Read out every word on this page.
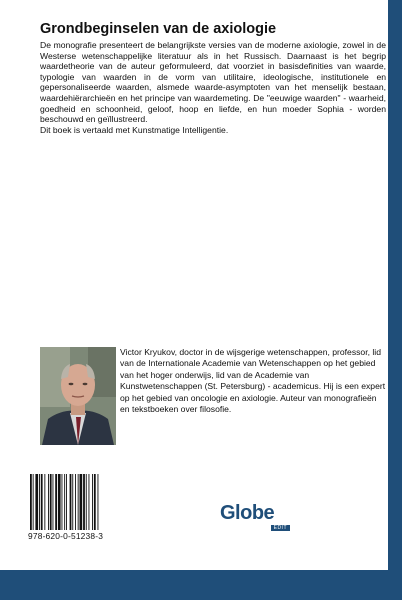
Grondbeginselen van de axiologie

De monografie presenteert de belangrijkste versies van de moderne axiologie, zowel in de Westerse wetenschappelijke literatuur als in het Russisch. Daarnaast is het begrip waardetheorie van de auteur geformuleerd, dat voorziet in basisdefinities van waarde, typologie van waarden in de vorm van utilitaire, ideologische, institutionele en gepersonaliseerde waarden, alsmede waarde-asymptoten van het menselijk bestaan, waardehiërarchieën en het principe van waardemeting. De "eeuwige waarden" - waarheid, goedheid en schoonheid, geloof, hoop en liefde, en hun moeder Sophia - worden beschouwd en geïllustreerd.

Dit boek is vertaald met Kunstmatige Intelligentie.

Victor Kryukov, doctor in de wijsgerige wetenschappen, professor, lid van de Internationale Academie van Wetenschappen op het gebied van het hoger onderwijs, lid van de Academie van Kunstwetenschappen (St. Petersburg) - academicus. Hij is een expert op het gebied van oncologie en axiologie. Auteur van monografieën en tekstboeken over filosofie.

978-620-0-51238-3
Globe
EDIT
